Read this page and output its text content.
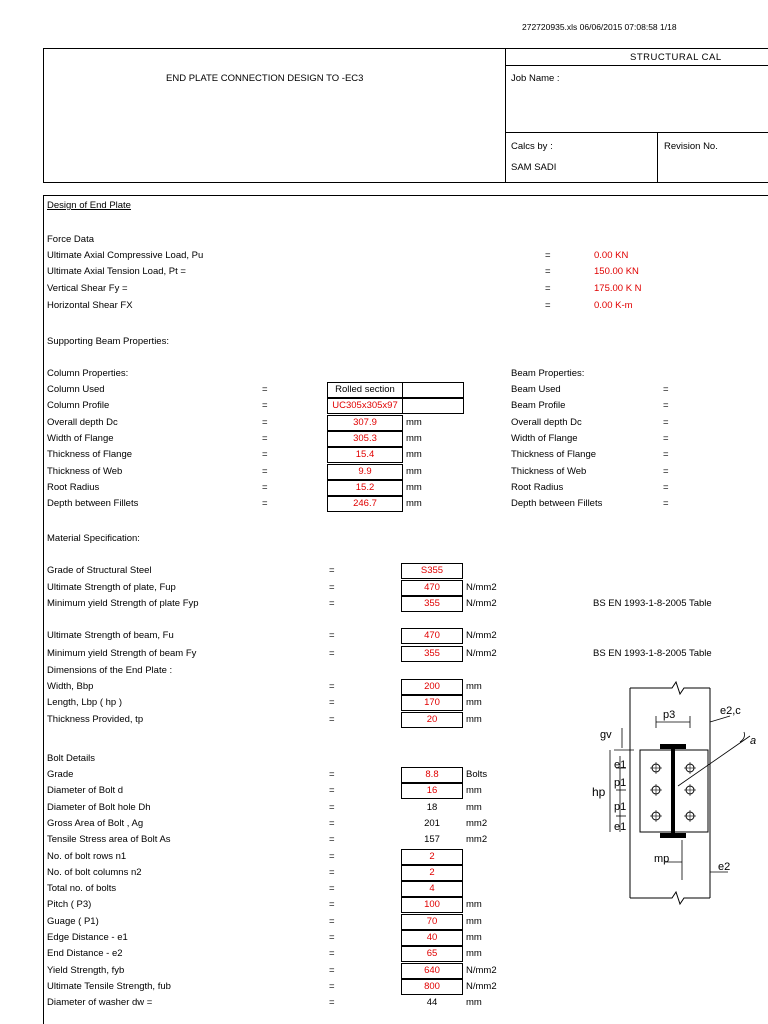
272720935.xls 06/06/2015 07:08:58 1/18
END PLATE CONNECTION DESIGN TO -EC3
STRUCTURAL CAL
Job Name :
Calcs by :
SAM SADI
Revision No.
Design of End Plate
Force Data
Ultimate Axial Compressive Load, Pu	=	0.00 KN
Ultimate Axial Tension Load, Pt =	=	150.00 KN
Vertical Shear Fy =	=	175.00 K N
Horizontal Shear FX	=	0.00 K-m
Supporting Beam Properties:
Column Properties:
Column Used	=	Rolled section
Column Profile	=	UC305x305x97
Overall depth Dc	=	307.9	mm
Width of Flange	=	305.3	mm
Thickness of Flange	=	15.4	mm
Thickness of Web	=	9.9	mm
Root Radius	=	15.2	mm
Depth between Fillets	=	246.7	mm
Beam Properties:
Beam Used	=
Beam Profile	=
Overall depth Dc	=
Width of Flange	=
Thickness of Flange	=
Thickness of Web	=
Root Radius	=
Depth between Fillets	=
Material Specification:
Grade of Structural Steel	=	S355
Ultimate Strength of plate, Fup	=	470	N/mm2
Minimum yield Strength of plate Fyp	=	355	N/mm2	BS EN 1993-1-8-2005 Table
Ultimate Strength of beam, Fu	=	470	N/mm2
Minimum yield Strength of beam Fy	=	355	N/mm2	BS EN 1993-1-8-2005 Table
Dimensions of the End Plate :
Width, Bbp	=	200	mm
Length, Lbp ( hp )	=	170	mm
Thickness Provided, tp	=	20	mm
Bolt Details
Grade	=	8.8	Bolts
Diameter of Bolt d	=	16	mm
Diameter of Bolt hole Dh	=	18	mm
Gross Area of Bolt , Ag	=	201	mm2
Tensile Stress area of Bolt As	=	157	mm2
No. of bolt rows n1	=	2
No. of bolt columns n2	=	2
Total no. of bolts	=	4
Pitch ( P3)	=	100	mm
Guage ( P1)	=	70	mm
Edge Distance - e1	=	40	mm
End Distance - e2	=	65	mm
Yield Strength, fyb	=	640	N/mm2
Ultimate Tensile Strength, fub	=	800	N/mm2
Diameter of washer dw =	=	44	mm
p3	e2,c
gv
e1
p1
p1
e1
hp
mp
e2
a
